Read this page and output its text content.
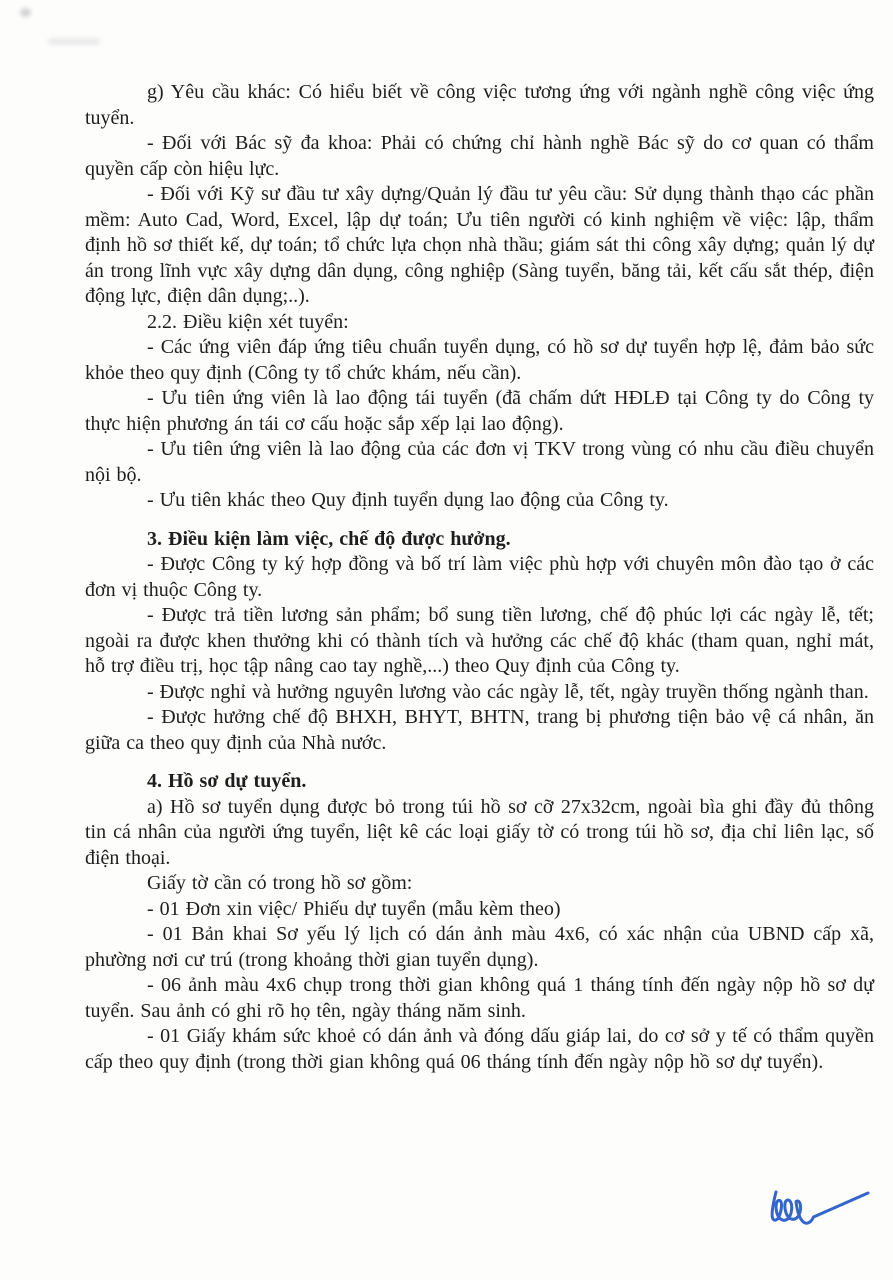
g) Yêu cầu khác: Có hiểu biết về công việc tương ứng với ngành nghề công việc ứng tuyển.

- Đối với Bác sỹ đa khoa: Phải có chứng chỉ hành nghề Bác sỹ do cơ quan có thẩm quyền cấp còn hiệu lực.

- Đối với Kỹ sư đầu tư xây dựng/Quản lý đầu tư yêu cầu: Sử dụng thành thạo các phần mềm: Auto Cad, Word, Excel, lập dự toán; Ưu tiên người có kinh nghiệm về việc: lập, thẩm định hồ sơ thiết kế, dự toán; tổ chức lựa chọn nhà thầu; giám sát thi công xây dựng; quản lý dự án trong lĩnh vực xây dựng dân dụng, công nghiệp (Sàng tuyển, băng tải, kết cấu sắt thép, điện động lực, điện dân dụng;..).

2.2. Điều kiện xét tuyển:

- Các ứng viên đáp ứng tiêu chuẩn tuyển dụng, có hồ sơ dự tuyển hợp lệ, đảm bảo sức khỏe theo quy định (Công ty tổ chức khám, nếu cần).

- Ưu tiên ứng viên là lao động tái tuyển (đã chấm dứt HĐLĐ tại Công ty do Công ty thực hiện phương án tái cơ cấu hoặc sắp xếp lại lao động).

- Ưu tiên ứng viên là lao động của các đơn vị TKV trong vùng có nhu cầu điều chuyển nội bộ.

- Ưu tiên khác theo Quy định tuyển dụng lao động của Công ty.

3. Điều kiện làm việc, chế độ được hưởng.

- Được Công ty ký hợp đồng và bố trí làm việc phù hợp với chuyên môn đào tạo ở các đơn vị thuộc Công ty.

- Được trả tiền lương sản phẩm; bổ sung tiền lương, chế độ phúc lợi các ngày lễ, tết; ngoài ra được khen thưởng khi có thành tích và hưởng các chế độ khác (tham quan, nghỉ mát, hỗ trợ điều trị, học tập nâng cao tay nghề,...) theo Quy định của Công ty.

- Được nghỉ và hưởng nguyên lương vào các ngày lễ, tết, ngày truyền thống ngành than.

- Được hưởng chế độ BHXH, BHYT, BHTN, trang bị phương tiện bảo vệ cá nhân, ăn giữa ca theo quy định của Nhà nước.

4. Hồ sơ dự tuyển.

a) Hồ sơ tuyển dụng được bỏ trong túi hồ sơ cỡ 27x32cm, ngoài bìa ghi đầy đủ thông tin cá nhân của người ứng tuyển, liệt kê các loại giấy tờ có trong túi hồ sơ, địa chỉ liên lạc, số điện thoại.

Giấy tờ cần có trong hồ sơ gồm:

- 01 Đơn xin việc/ Phiếu dự tuyển (mẫu kèm theo)

- 01 Bản khai Sơ yếu lý lịch có dán ảnh màu 4x6, có xác nhận của UBND cấp xã, phường nơi cư trú (trong khoảng thời gian tuyển dụng).

- 06 ảnh màu 4x6 chụp trong thời gian không quá 1 tháng tính đến ngày nộp hồ sơ dự tuyển. Sau ảnh có ghi rõ họ tên, ngày tháng năm sinh.

- 01 Giấy khám sức khoẻ có dán ảnh và đóng dấu giáp lai, do cơ sở y tế có thẩm quyền cấp theo quy định (trong thời gian không quá 06 tháng tính đến ngày nộp hồ sơ dự tuyển).
